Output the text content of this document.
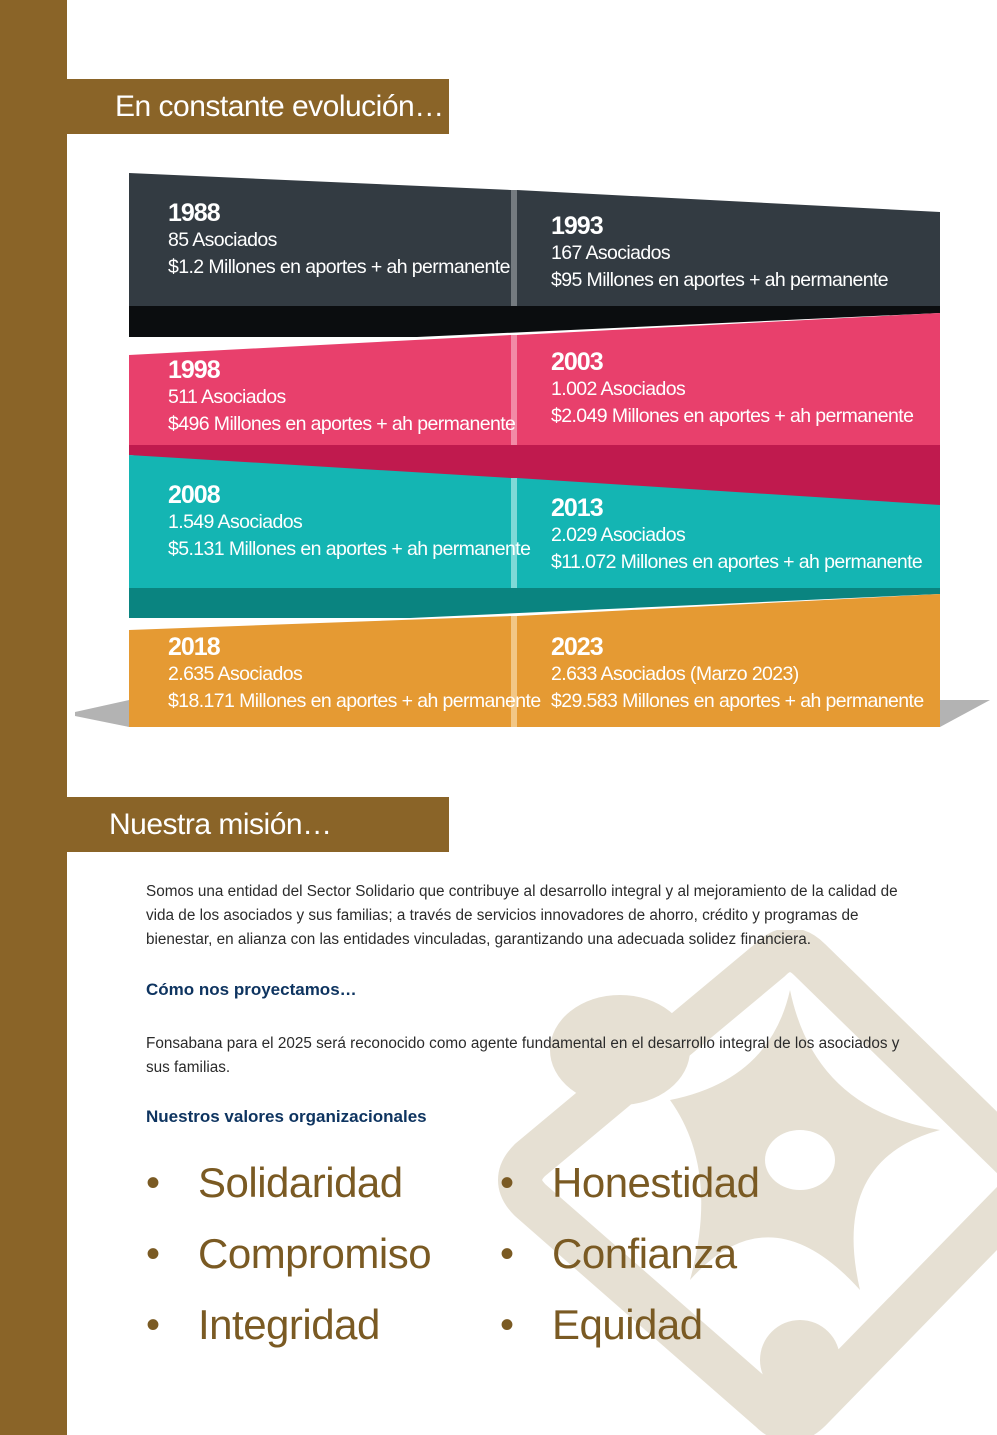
En constante evolución…
1988
85 Asociados
$1.2 Millones en aportes + ah permanente
1993
167 Asociados
$95 Millones en aportes + ah permanente
1998
511 Asociados
$496 Millones en aportes + ah permanente
2003
1.002 Asociados
$2.049 Millones en aportes + ah permanente
2008
1.549 Asociados
$5.131 Millones en aportes + ah permanente
2013
2.029 Asociados
$11.072 Millones en aportes + ah permanente
2018
2.635 Asociados
$18.171 Millones en aportes + ah permanente
2023
2.633 Asociados (Marzo 2023)
$29.583 Millones en aportes + ah permanente
Nuestra misión…
Somos una entidad del Sector Solidario que contribuye al desarrollo integral y al mejoramiento de la calidad de vida de los asociados y sus familias; a través de servicios innovadores de ahorro, crédito y programas de bienestar, en alianza con las entidades vinculadas, garantizando una adecuada solidez financiera.
Cómo nos proyectamos…
Fonsabana para el 2025 será reconocido como agente fundamental en el desarrollo integral de los asociados y sus familias.
Nuestros valores organizacionales
• Solidaridad • Honestidad
• Compromiso • Confianza
• Integridad	• Equidad
